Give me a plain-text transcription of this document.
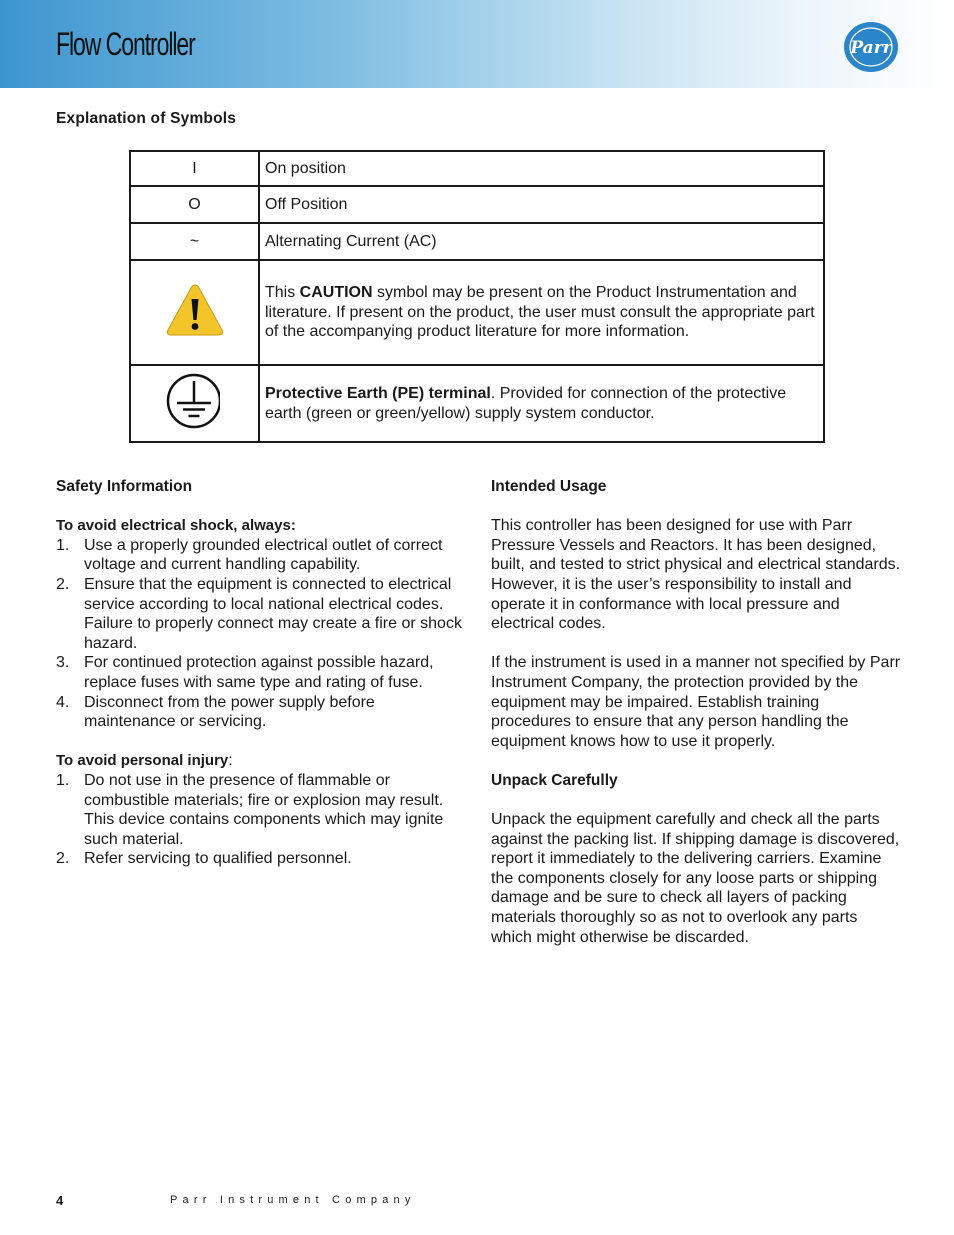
Flow Controller	Parr
Explanation of Symbols
I	On position
O	Off Position
~	Alternating Current (AC)
	This CAUTION symbol may be present on the Product Instrumentation and literature. If present on the product, the user must consult the appropriate part of the accompanying product literature for more information.
	Protective Earth (PE) terminal. Provided for connection of the protective earth (green or green/yellow) supply system conductor.

Safety Information

To avoid electrical shock, always:

1. Use a properly grounded electrical outlet of correct voltage and current handling capability.
2. Ensure that the equipment is connected to electrical service according to local national electrical codes. Failure to properly connect may create a fire or shock hazard.
3. For continued protection against possible hazard, replace fuses with same type and rating of fuse.
4. Disconnect from the power supply before maintenance or servicing.

To avoid personal injury:

1. Do not use in the presence of flammable or combustible materials; fire or explosion may result. This device contains components which may ignite such material.
2. Refer servicing to qualified personnel.

Intended Usage

This controller has been designed for use with Parr Pressure Vessels and Reactors. It has been designed, built, and tested to strict physical and electrical standards. However, it is the user’s responsibility to install and operate it in conformance with local pressure and electrical codes.

If the instrument is used in a manner not specified by Parr Instrument Company, the protection provided by the equipment may be impaired. Establish training procedures to ensure that any person handling the equipment knows how to use it properly.

Unpack Carefully

Unpack the equipment carefully and check all the parts against the packing list. If shipping damage is discovered, report it immediately to the delivering carriers. Examine the components closely for any loose parts or shipping damage and be sure to check all layers of packing materials thoroughly so as not to overlook any parts which might otherwise be discarded.

4	Parr Instrument Company
